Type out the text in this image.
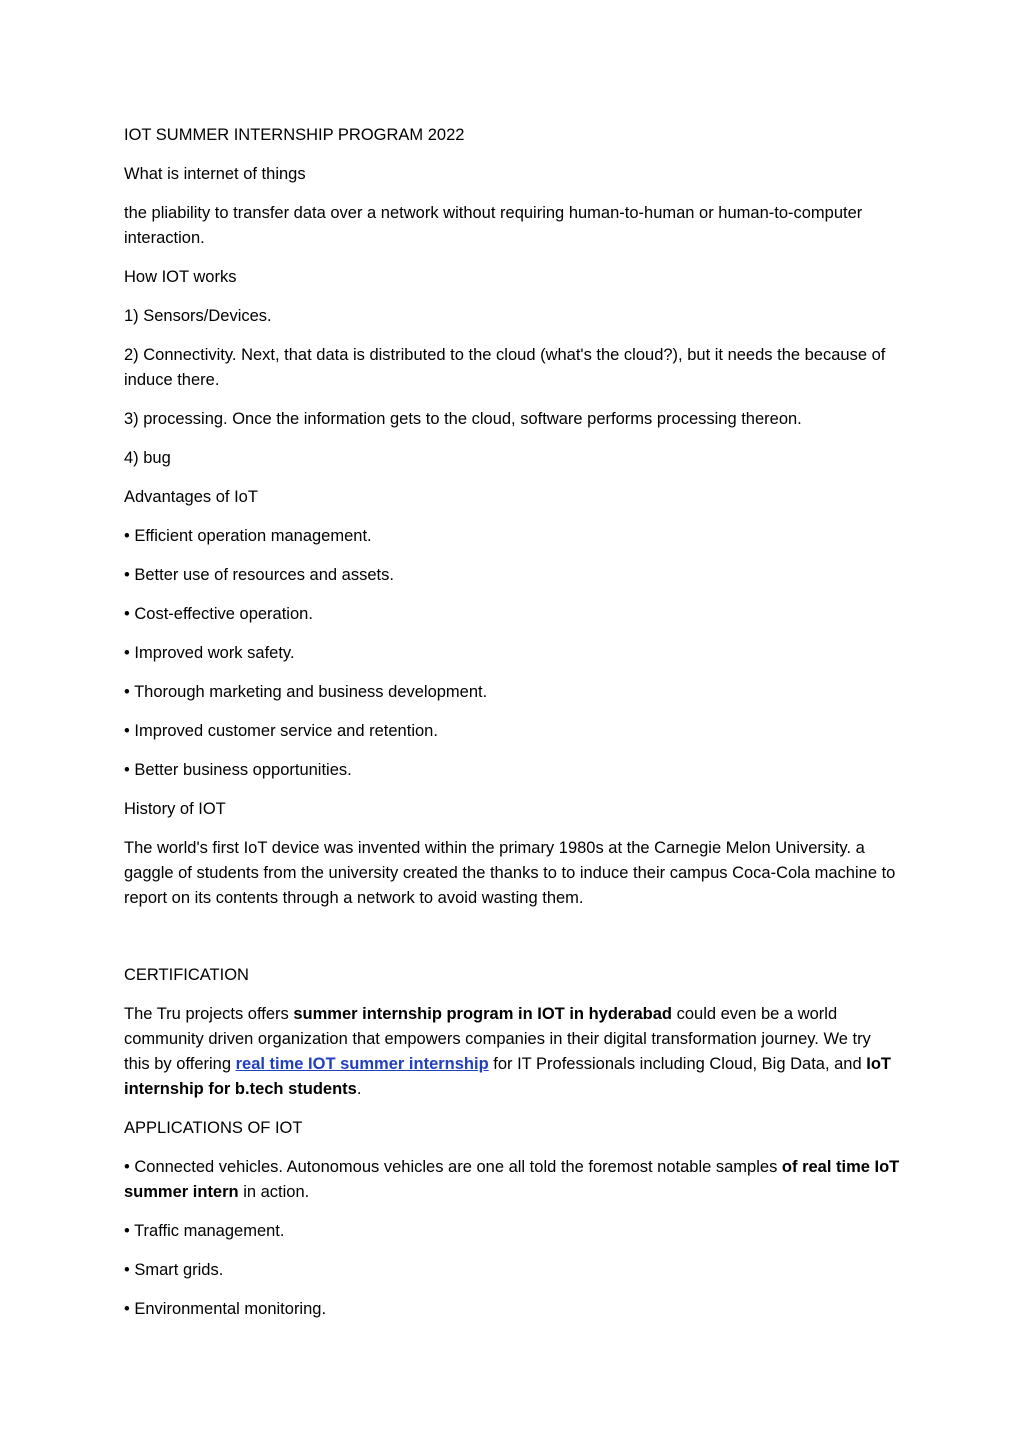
IOT SUMMER INTERNSHIP PROGRAM 2022

What is internet of things

the pliability to transfer data over a network without requiring human-to-human or human-to-computer interaction.

How IOT works

1) Sensors/Devices.

2) Connectivity. Next, that data is distributed to the cloud (what's the cloud?), but it needs the because of induce there.

3) processing. Once the information gets to the cloud, software performs processing thereon.

4) bug

Advantages of IoT

• Efficient operation management.

• Better use of resources and assets.

• Cost-effective operation.

• Improved work safety.

• Thorough marketing and business development.

• Improved customer service and retention.

• Better business opportunities.

History of IOT

The world's first IoT device was invented within the primary 1980s at the Carnegie Melon University. a gaggle of students from the university created the thanks to to induce their campus Coca-Cola machine to report on its contents through a network to avoid wasting them.

CERTIFICATION

The Tru projects offers summer internship program in IOT in hyderabad could even be a world community driven organization that empowers companies in their digital transformation journey. We try this by offering real time IOT summer internship for IT Professionals including Cloud, Big Data, and IoT internship for b.tech students.

APPLICATIONS OF IOT

• Connected vehicles. Autonomous vehicles are one all told the foremost notable samples of real time IoT summer intern in action.

• Traffic management.

• Smart grids.

• Environmental monitoring.
